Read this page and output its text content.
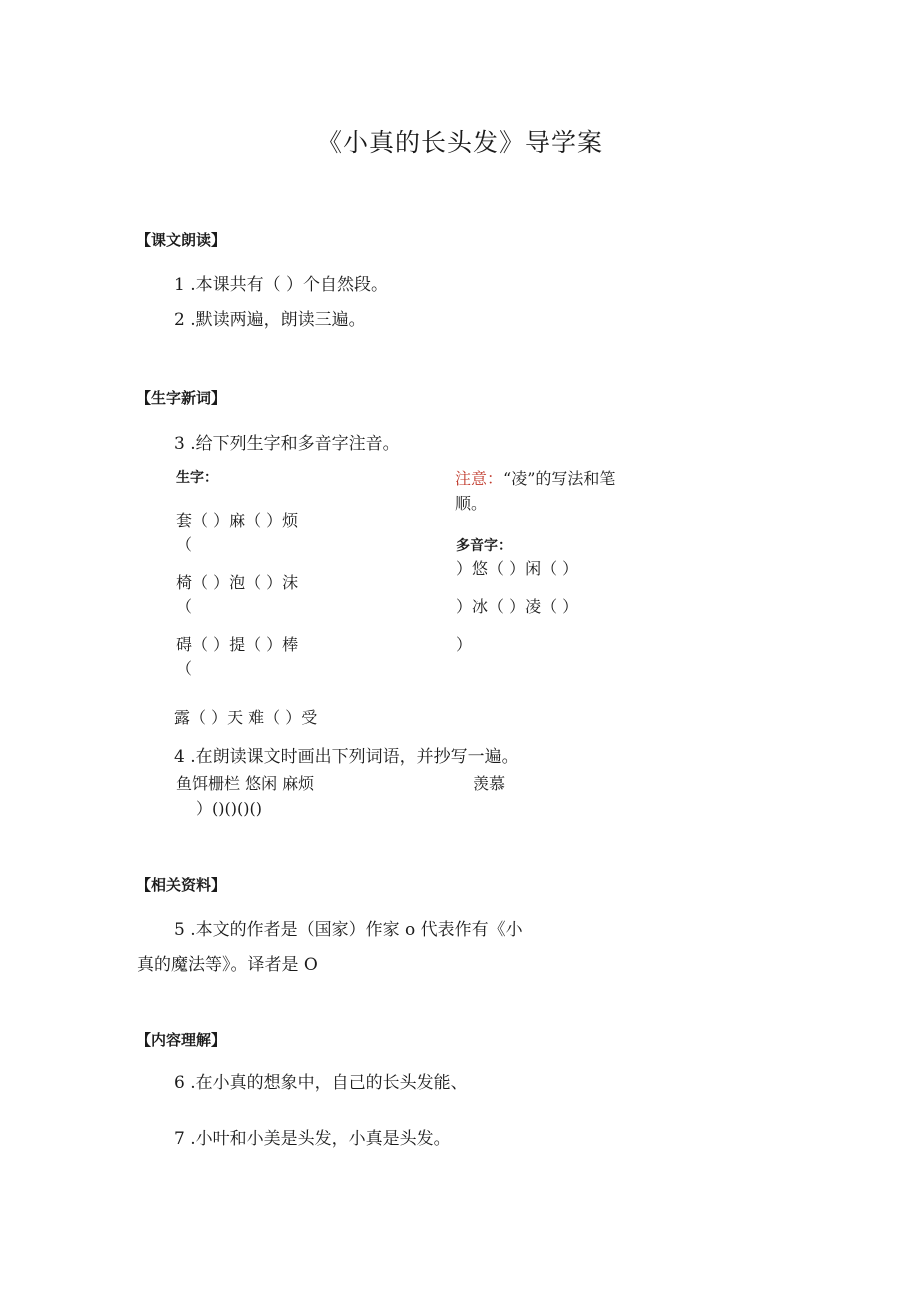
《小真的长头发》导学案
【课文朗读】
1 .本课共有（ ）个自然段。
2 .默读两遍，朗读三遍。
【生字新词】
3 .给下列生字和多音字注音。
生字：
套（ ）麻（ ）烦
（
椅（ ）泡（ ）沫
（
碍（ ）提（ ）棒
（
露（ ）天 难（ ）受
注意：“凌”的写法和笔
顺。
多音字：
）悠（ ）闲（ ）
）冰（ ）凌（ ）
）
4 .在朗读课文时画出下列词语，并抄写一遍。
鱼饵栅栏 悠闲 麻烦	羡慕
）()()()()
【相关资料】
5 .本文的作者是（国家）作家 o 代表作有《小
真的魔法等》。译者是 O
【内容理解】
6 .在小真的想象中，自己的长头发能、
7 .小叶和小美是头发，小真是头发。
